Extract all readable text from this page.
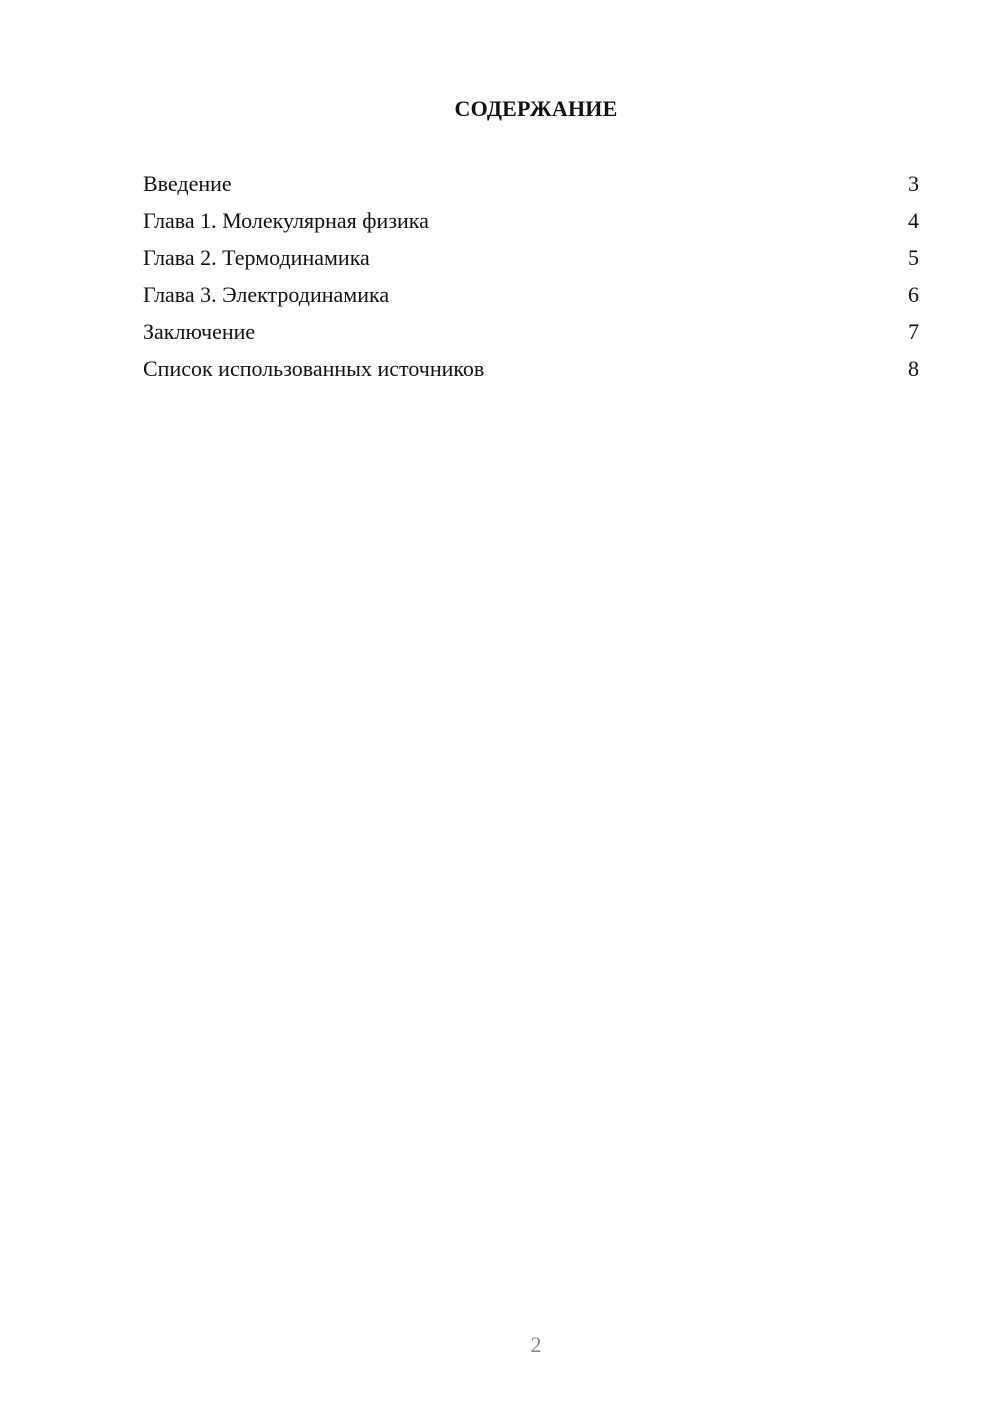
СОДЕРЖАНИЕ
Введение	3
Глава 1. Молекулярная физика	4
Глава 2. Термодинамика	5
Глава 3. Электродинамика	6
Заключение	7
Список использованных источников	8
2
